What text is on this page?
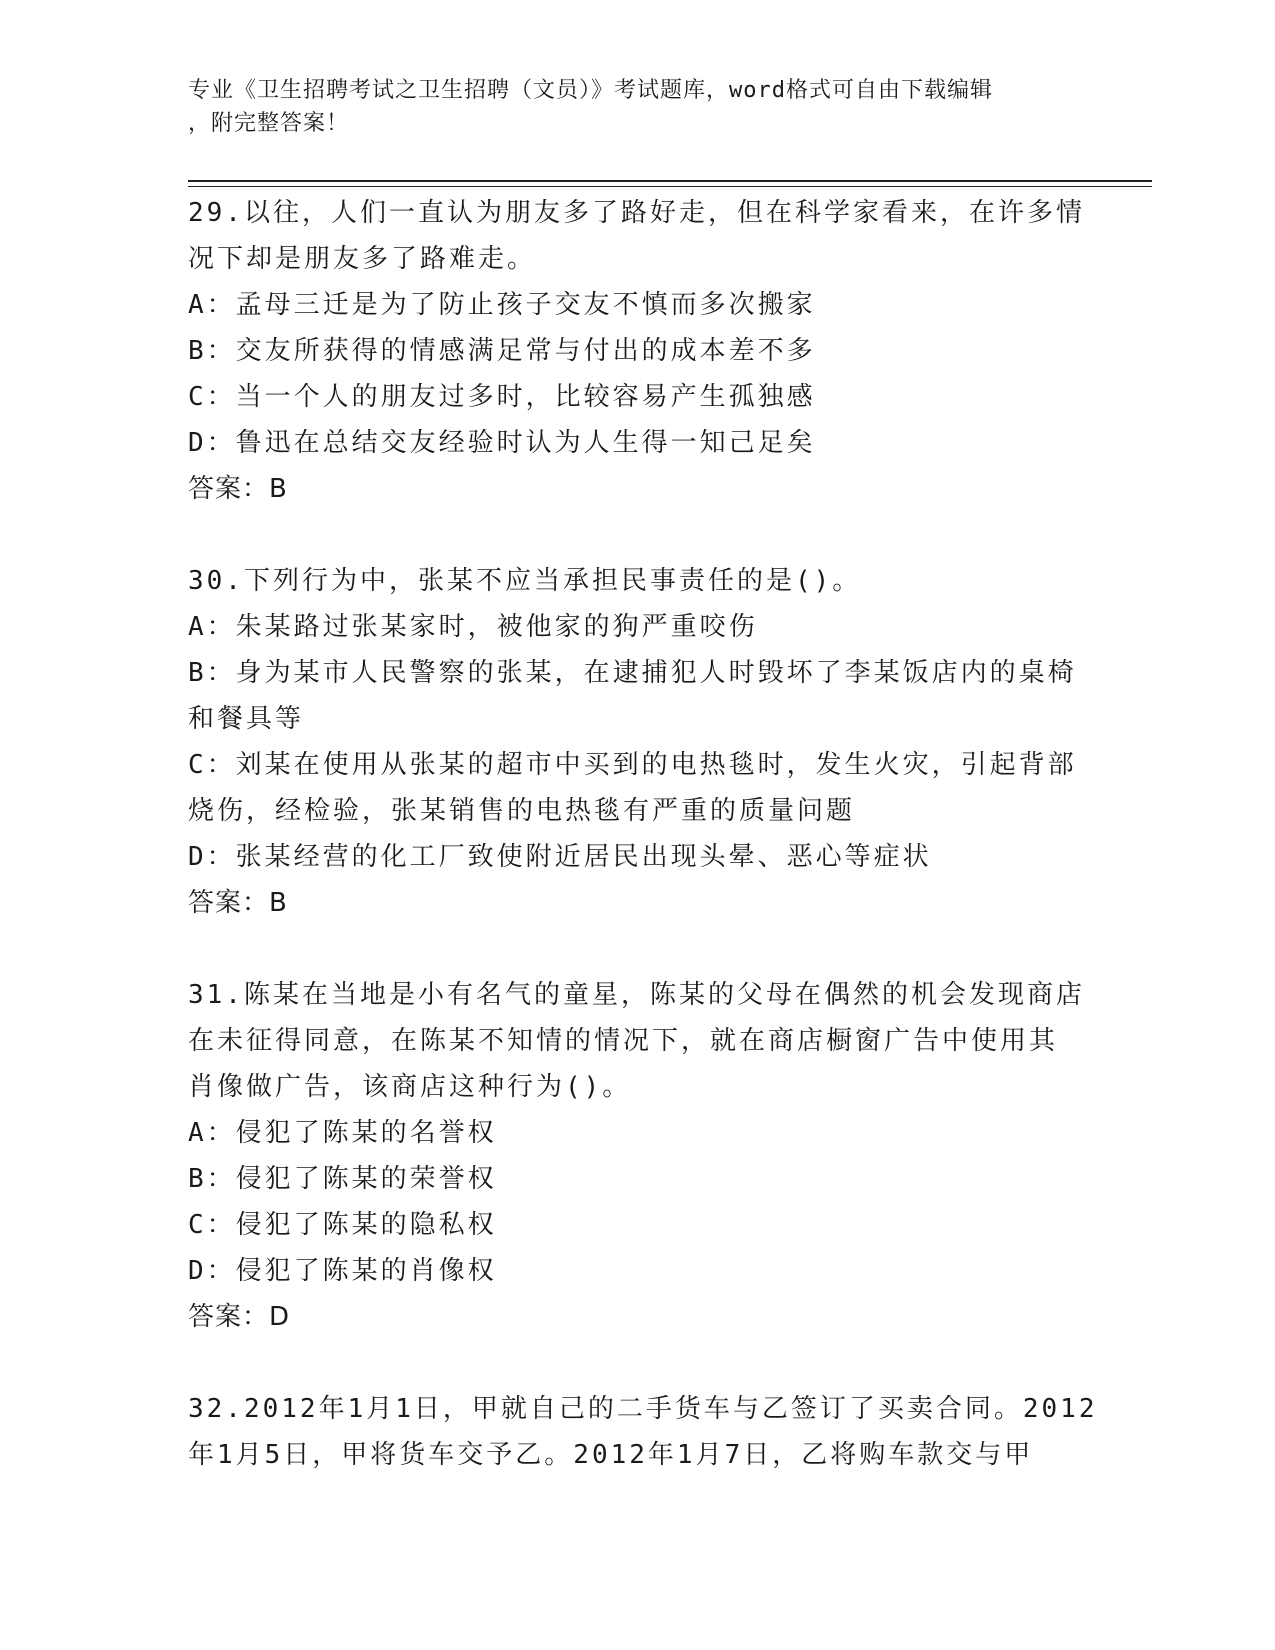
专业《卫生招聘考试之卫生招聘（文员）》考试题库，word格式可自由下载编辑
，附完整答案！
29.以往，人们一直认为朋友多了路好走，但在科学家看来，在许多情
况下却是朋友多了路难走。
A：孟母三迁是为了防止孩子交友不慎而多次搬家
B：交友所获得的情感满足常与付出的成本差不多
C：当一个人的朋友过多时，比较容易产生孤独感
D：鲁迅在总结交友经验时认为人生得一知己足矣
答案：B
30.下列行为中，张某不应当承担民事责任的是()。
A：朱某路过张某家时，被他家的狗严重咬伤
B：身为某市人民警察的张某，在逮捕犯人时毁坏了李某饭店内的桌椅
和餐具等
C：刘某在使用从张某的超市中买到的电热毯时，发生火灾，引起背部
烧伤，经检验，张某销售的电热毯有严重的质量问题
D：张某经营的化工厂致使附近居民出现头晕、恶心等症状
答案：B
31.陈某在当地是小有名气的童星，陈某的父母在偶然的机会发现商店
在未征得同意，在陈某不知情的情况下，就在商店橱窗广告中使用其
肖像做广告，该商店这种行为()。
A：侵犯了陈某的名誉权
B：侵犯了陈某的荣誉权
C：侵犯了陈某的隐私权
D：侵犯了陈某的肖像权
答案：D
32.2012年1月1日，甲就自己的二手货车与乙签订了买卖合同。2012
年1月5日，甲将货车交予乙。2012年1月7日，乙将购车款交与甲
